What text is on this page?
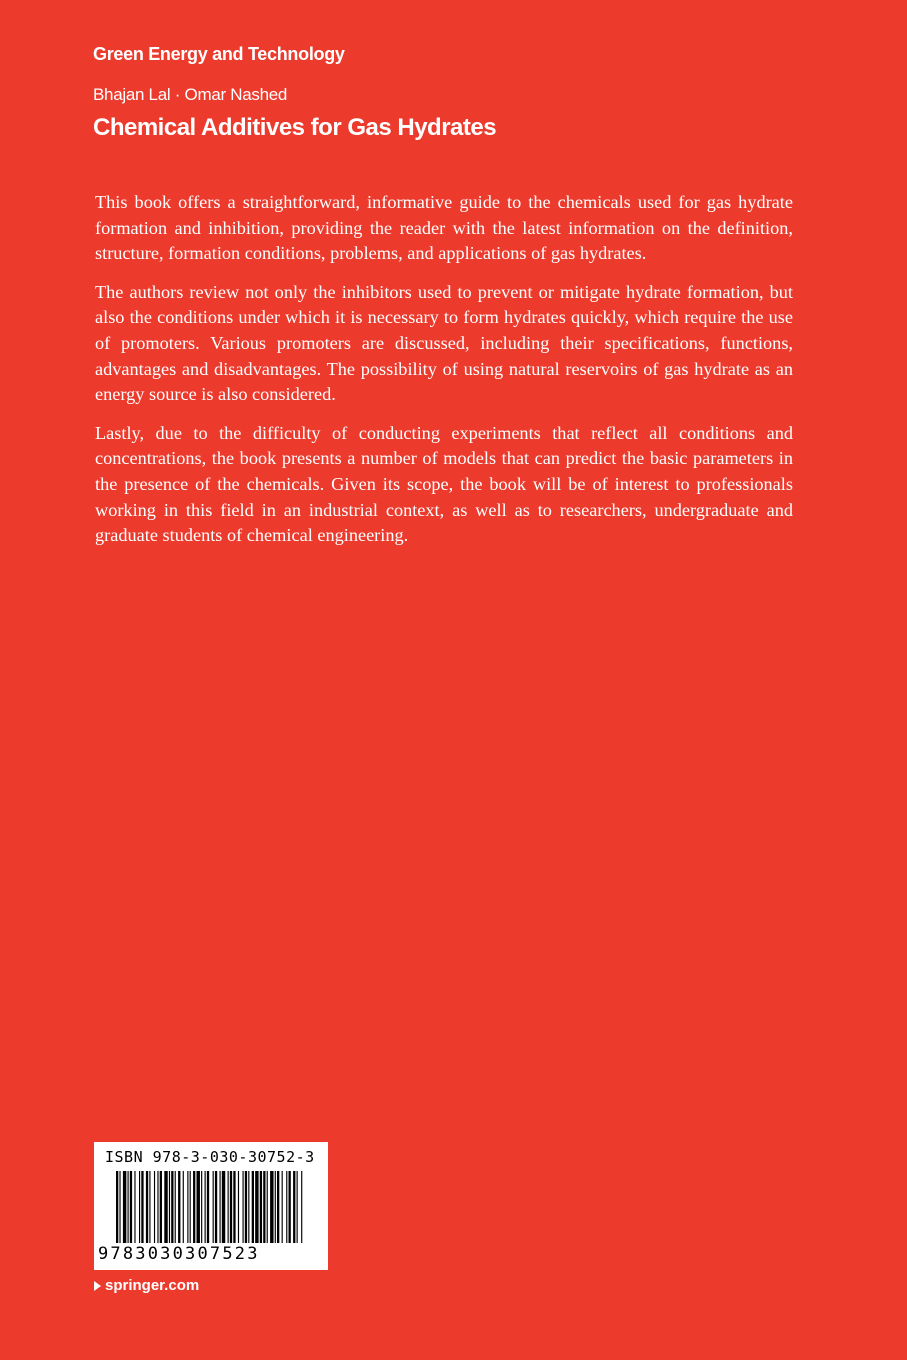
Green Energy and Technology
Bhajan Lal · Omar Nashed
Chemical Additives for Gas Hydrates

This book offers a straightforward, informative guide to the chemicals used for gas hydrate formation and inhibition, providing the reader with the latest information on the definition, structure, formation conditions, problems, and applications of gas hydrates.

The authors review not only the inhibitors used to prevent or mitigate hydrate formation, but also the conditions under which it is necessary to form hydrates quickly, which require the use of promoters. Various promoters are discussed, including their specifications, functions, advantages and disadvantages. The possibility of using natural reservoirs of gas hydrate as an energy source is also considered.

Lastly, due to the difficulty of conducting experiments that reflect all conditions and concentrations, the book presents a number of models that can predict the basic parameters in the presence of the chemicals. Given its scope, the book will be of interest to professionals working in this field in an industrial context, as well as to researchers, undergraduate and graduate students of chemical engineering.

ISBN 978-3-030-30752-3
9783030307523
springer.com
